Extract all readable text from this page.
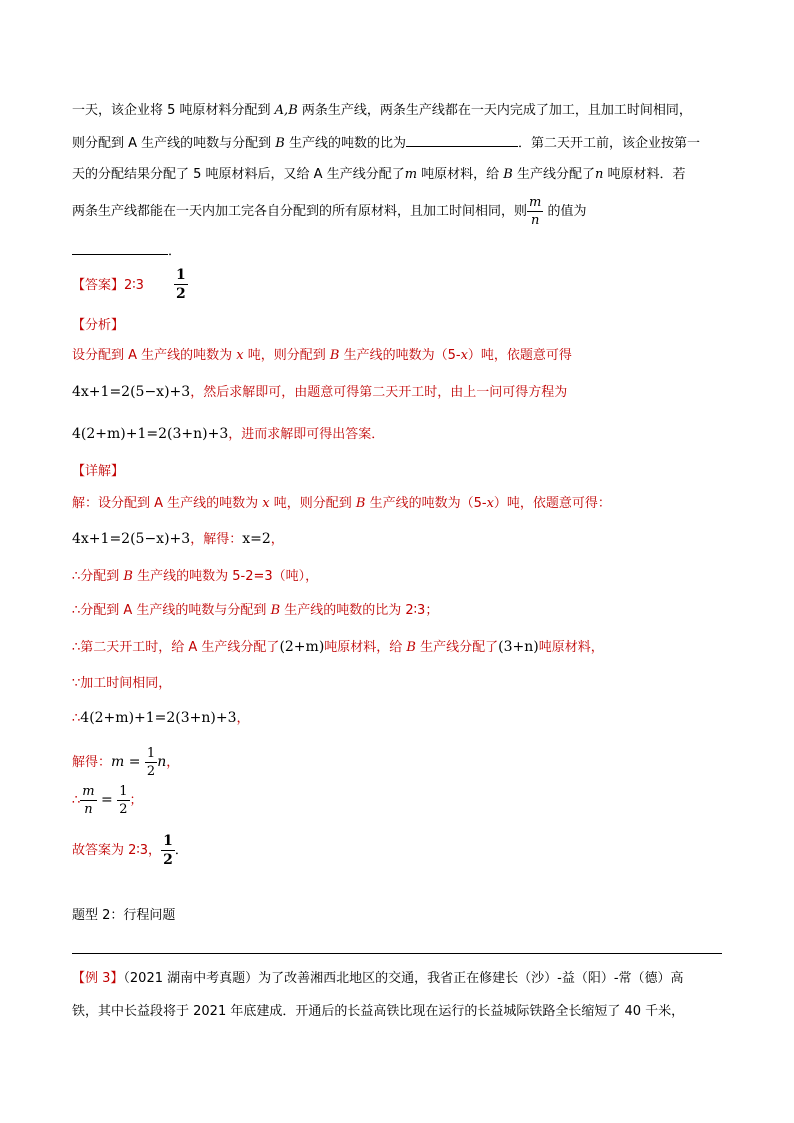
一天，该企业将 5 吨原材料分配到 A,B 两条生产线，两条生产线都在一天内完成了加工，且加工时间相同，
则分配到 A 生产线的吨数与分配到 B 生产线的吨数的比为	．第二天开工前，该企业按第一
天的分配结果分配了 5 吨原材料后，又给 A 生产线分配了m 吨原材料，给 B 生产线分配了n 吨原材料．若
两条生产线都能在一天内加工完各自分配到的所有原材料，且加工时间相同，则 $\frac{m}{n}$ 的值为
．
【答案】2∶3 $\frac{1}{2}$
【分析】
设分配到 A 生产线的吨数为 x 吨，则分配到 B 生产线的吨数为（5-x）吨，依题意可得
4x+1=2(5−x)+3，然后求解即可，由题意可得第二天开工时，由上一问可得方程为
4(2+m)+1=2(3+n)+3，进而求解即可得出答案．
【详解】
解：设分配到 A 生产线的吨数为 x 吨，则分配到 B 生产线的吨数为（5-x）吨，依题意可得：
4x+1=2(5−x)+3，解得：x=2，
∴分配到 B 生产线的吨数为 5-2=3（吨），
∴分配到 A 生产线的吨数与分配到 B 生产线的吨数的比为 2∶3；
∴第二天开工时，给 A 生产线分配了(2+m)吨原材料，给 B 生产线分配了(3+n)吨原材料，
∵加工时间相同，
∴4(2+m)+1=2(3+n)+3，
解得：$m = \frac{1}{2}$ n，
∴ $\frac{m}{n} = \frac{1}{2}$ ；
故答案为 2∶3， $\frac{1}{2}$ ．
题型 2：行程问题
【例 3】（2021 湖南中考真题）为了改善湘西北地区的交通，我省正在修建长（沙）-益（阳）-常（德）高
铁，其中长益段将于 2021 年底建成．开通后的长益高铁比现在运行的长益城际铁路全长缩短了 40 千米，
